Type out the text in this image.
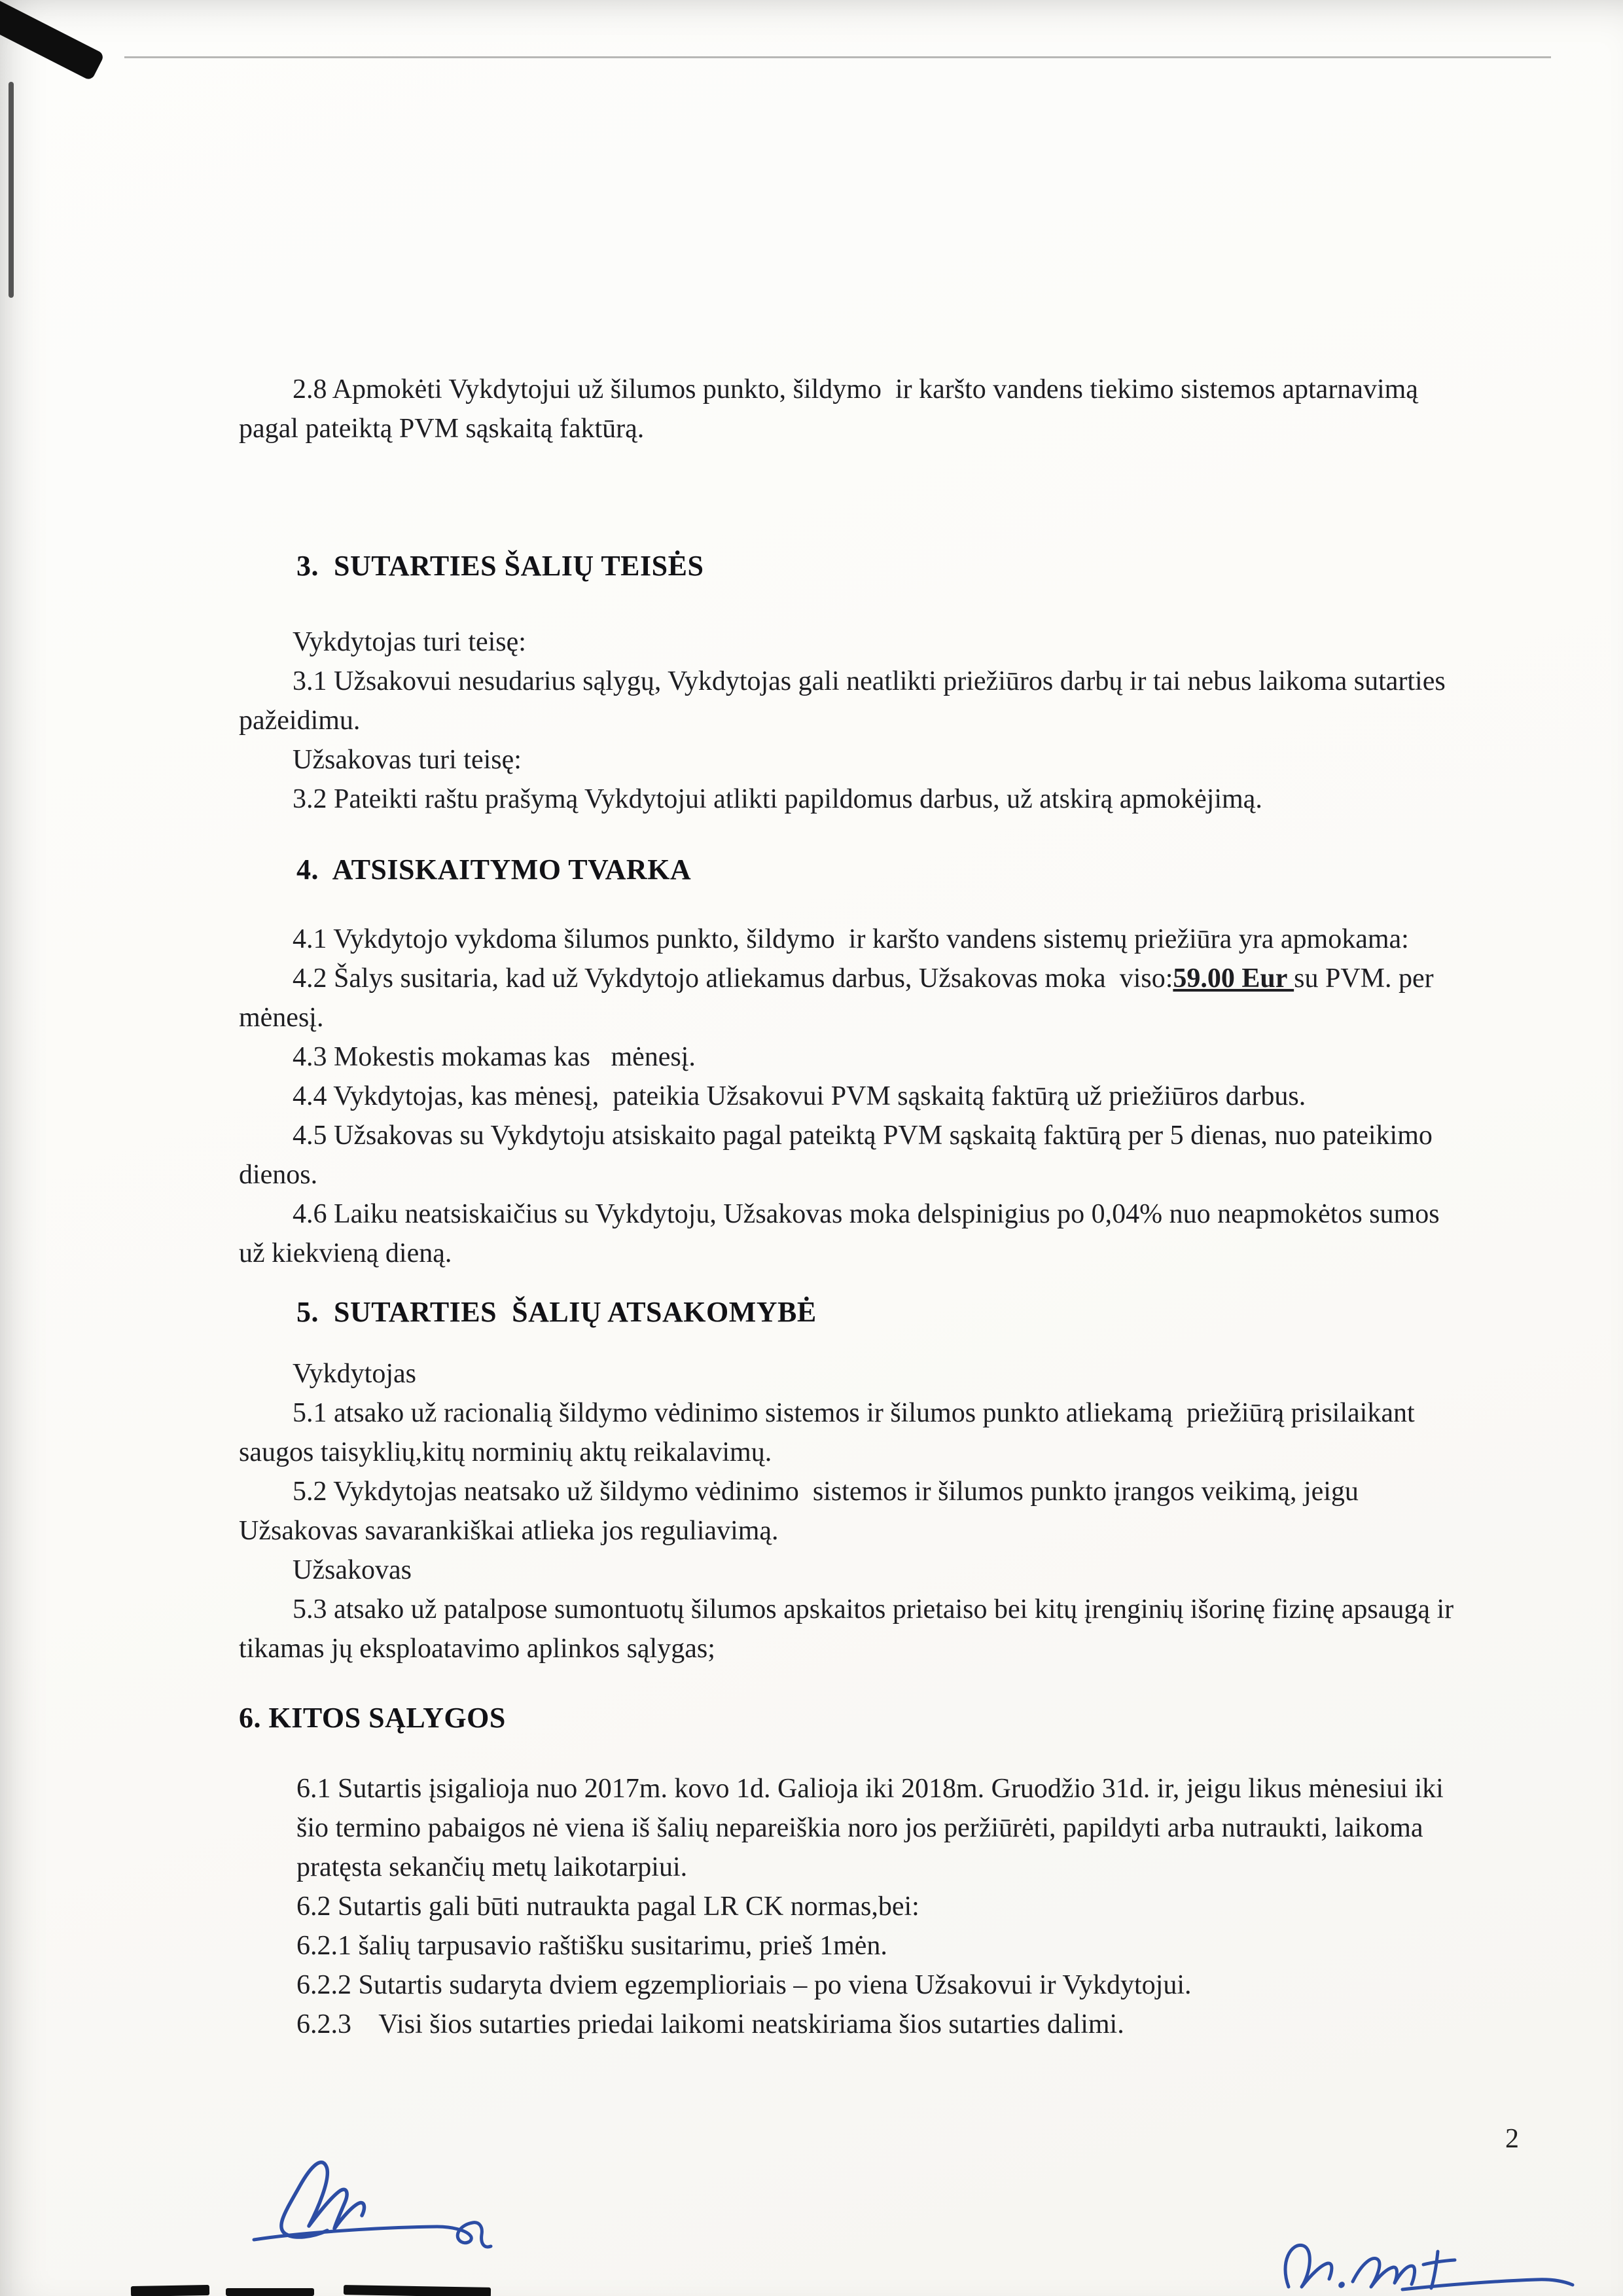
2.8 Apmokėti Vykdytojui už šilumos punkto, šildymo  ir karšto vandens tiekimo sistemos aptarnavimą pagal pateiktą PVM sąskaitą faktūrą.

3.  SUTARTIES ŠALIŲ TEISĖS

Vykdytojas turi teisę:

3.1 Užsakovui nesudarius sąlygų, Vykdytojas gali neatlikti priežiūros darbų ir tai nebus laikoma sutarties pažeidimu.

Užsakovas turi teisę:

3.2 Pateikti raštu prašymą Vykdytojui atlikti papildomus darbus, už atskirą apmokėjimą.

4.  ATSISKAITYMO TVARKA

4.1 Vykdytojo vykdoma šilumos punkto, šildymo  ir karšto vandens sistemų priežiūra yra apmokama:

4.2 Šalys susitaria, kad už Vykdytojo atliekamus darbus, Užsakovas moka  viso:59.00 Eur su PVM. per mėnesį.

4.3 Mokestis mokamas kas   mėnesį.

4.4 Vykdytojas, kas mėnesį,  pateikia Užsakovui PVM sąskaitą faktūrą už priežiūros darbus.

4.5 Užsakovas su Vykdytoju atsiskaito pagal pateiktą PVM sąskaitą faktūrą per 5 dienas, nuo pateikimo dienos.

4.6 Laiku neatsiskaičius su Vykdytoju, Užsakovas moka delspinigius po 0,04% nuo neapmokėtos sumos už kiekvieną dieną.

5.  SUTARTIES  ŠALIŲ ATSAKOMYBĖ

Vykdytojas

5.1 atsako už racionalią šildymo vėdinimo sistemos ir šilumos punkto atliekamą  priežiūrą prisilaikant saugos taisyklių,kitų norminių aktų reikalavimų.

5.2 Vykdytojas neatsako už šildymo vėdinimo  sistemos ir šilumos punkto įrangos veikimą, jeigu Užsakovas savarankiškai atlieka jos reguliavimą.

Užsakovas

5.3 atsako už patalpose sumontuotų šilumos apskaitos prietaiso bei kitų įrenginių išorinę fizinę apsaugą ir tikamas jų eksploatavimo aplinkos sąlygas;

6. KITOS SĄLYGOS

6.1 Sutartis įsigalioja nuo 2017m. kovo 1d. Galioja iki 2018m. Gruodžio 31d. ir, jeigu likus mėnesiui iki šio termino pabaigos nė viena iš šalių nepareiškia noro jos peržiūrėti, papildyti arba nutraukti, laikoma pratęsta sekančių metų laikotarpiui.

6.2 Sutartis gali būti nutraukta pagal LR CK normas,bei:

6.2.1 šalių tarpusavio raštišku susitarimu, prieš 1mėn.

6.2.2 Sutartis sudaryta dviem egzemplioriais – po viena Užsakovui ir Vykdytojui.

6.2.3    Visi šios sutarties priedai laikomi neatskiriama šios sutarties dalimi.

2
